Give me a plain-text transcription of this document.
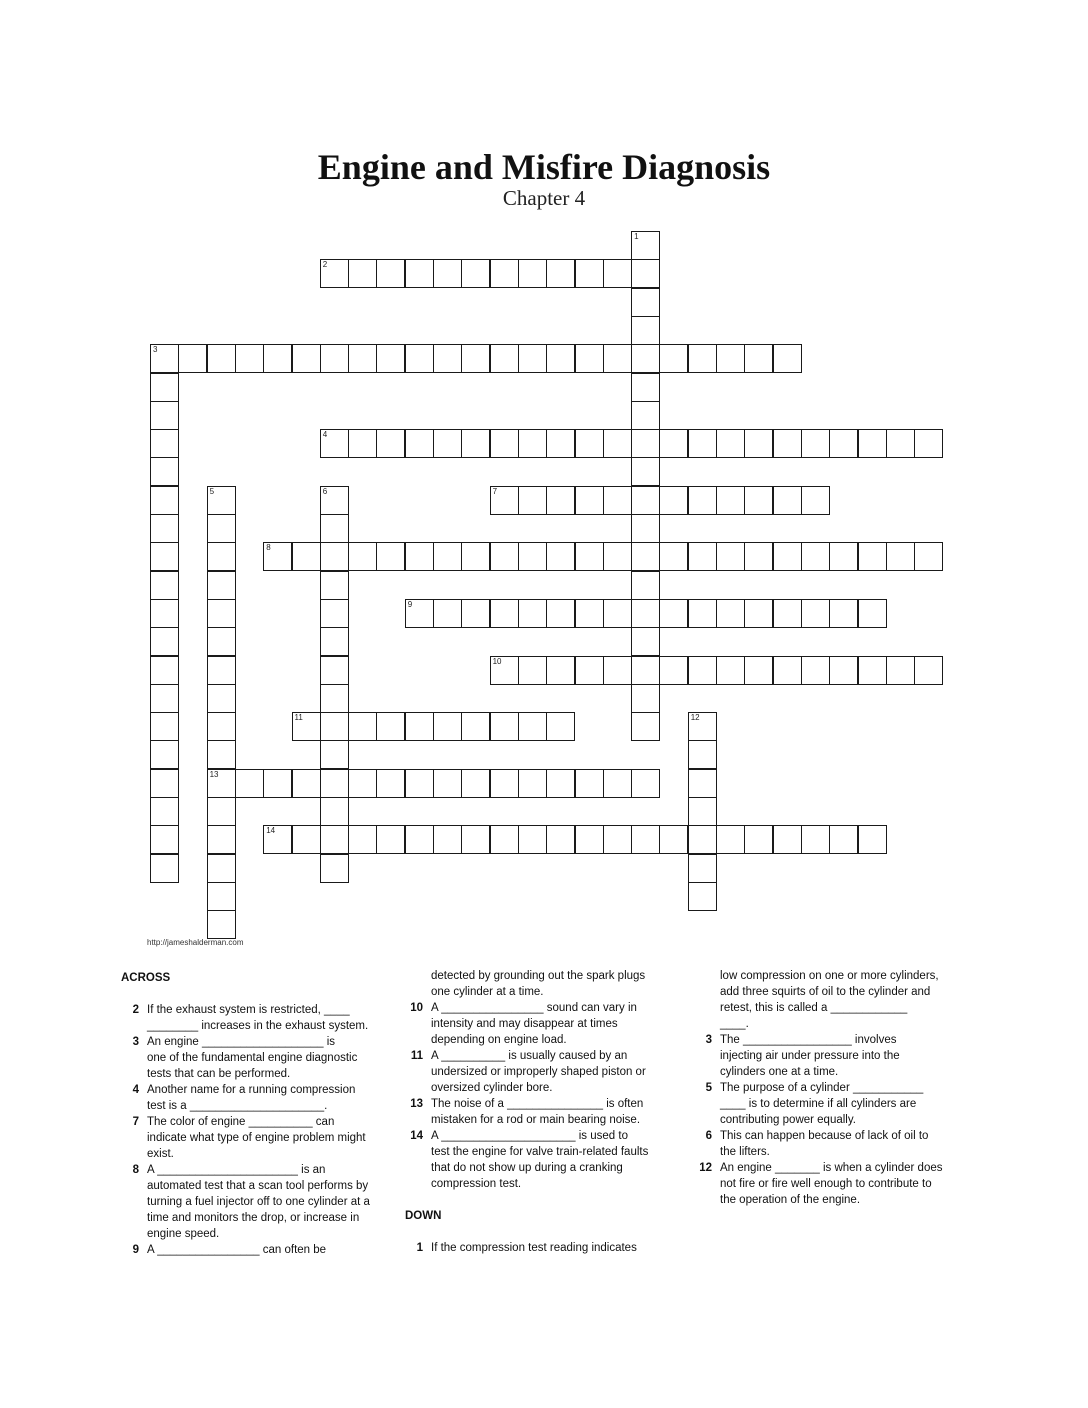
Engine and Misfire Diagnosis
Chapter 4
1
2
3
4
5
13
6	7
8
9
10
11	12
14
http://jameshalderman.com
ACROSS
2 If the exhaust system is restricted, ____
________ increases in the exhaust system.
3 An engine ___________________ is
one of the fundamental engine diagnostic
tests that can be performed.
4 Another name for a running compression
test is a _____________________.
7 The color of engine __________ can
indicate what type of engine problem might
exist.
8 A ______________________ is an
automated test that a scan tool performs by
turning a fuel injector off to one cylinder at a
time and monitors the drop, or increase in
engine speed.
9 A ________________ can often be
detected by grounding out the spark plugs
one cylinder at a time.
10 A ________________ sound can vary in
intensity and may disappear at times
depending on engine load.
11 A __________ is usually caused by an
undersized or improperly shaped piston or
oversized cylinder bore.
13 The noise of a _______________ is often
mistaken for a rod or main bearing noise.
14 A _____________________ is used to
test the engine for valve train-related faults
that do not show up during a cranking
compression test.
DOWN
1 If the compression test reading indicates
low compression on one or more cylinders,
add three squirts of oil to the cylinder and
retest, this is called a ____________
____.
3 The _________________ involves
injecting air under pressure into the
cylinders one at a time.
5 The purpose of a cylinder ___________
____ is to determine if all cylinders are
contributing power equally.
6 This can happen because of lack of oil to
the lifters.
12 An engine _______ is when a cylinder does
not fire or fire well enough to contribute to
the operation of the engine.
